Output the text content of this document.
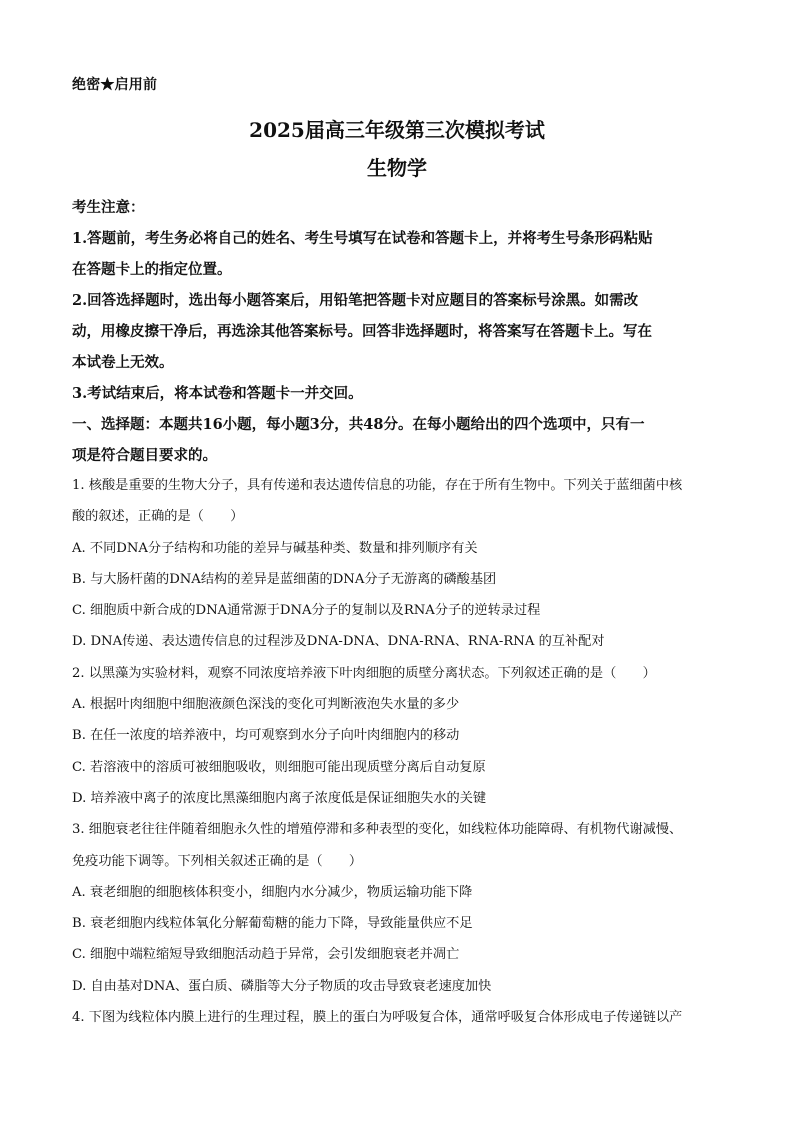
绝密★启用前
2025届高三年级第三次模拟考试
生物学
考生注意：
1.答题前，考生务必将自己的姓名、考生号填写在试卷和答题卡上，并将考生号条形码粘贴
在答题卡上的指定位置。
2.回答选择题时，选出每小题答案后，用铅笔把答题卡对应题目的答案标号涂黑。如需改
动，用橡皮擦干净后，再选涂其他答案标号。回答非选择题时，将答案写在答题卡上。写在
本试卷上无效。
3.考试结束后，将本试卷和答题卡一并交回。
一、选择题：本题共16小题，每小题3分，共48分。在每小题给出的四个选项中，只有一
项是符合题目要求的。
1. 核酸是重要的生物大分子，具有传递和表达遗传信息的功能，存在于所有生物中。下列关于蓝细菌中核
酸的叙述，正确的是（　　）
A. 不同DNA分子结构和功能的差异与碱基种类、数量和排列顺序有关
B. 与大肠杆菌的DNA结构的差异是蓝细菌的DNA分子无游离的磷酸基团
C. 细胞质中新合成的DNA通常源于DNA分子的复制以及RNA分子的逆转录过程
D. DNA传递、表达遗传信息的过程涉及DNA-DNA、DNA-RNA、RNA-RNA 的互补配对
2. 以黑藻为实验材料，观察不同浓度培养液下叶肉细胞的质壁分离状态。下列叙述正确的是（　　）
A. 根据叶肉细胞中细胞液颜色深浅的变化可判断液泡失水量的多少
B. 在任一浓度的培养液中，均可观察到水分子向叶肉细胞内的移动
C. 若溶液中的溶质可被细胞吸收，则细胞可能出现质壁分离后自动复原
D. 培养液中离子的浓度比黑藻细胞内离子浓度低是保证细胞失水的关键
3. 细胞衰老往往伴随着细胞永久性的增殖停滞和多种表型的变化，如线粒体功能障碍、有机物代谢减慢、
免疫功能下调等。下列相关叙述正确的是（　　）
A. 衰老细胞的细胞核体积变小，细胞内水分减少，物质运输功能下降
B. 衰老细胞内线粒体氧化分解葡萄糖的能力下降，导致能量供应不足
C. 细胞中端粒缩短导致细胞活动趋于异常，会引发细胞衰老并凋亡
D. 自由基对DNA、蛋白质、磷脂等大分子物质的攻击导致衰老速度加快
4. 下图为线粒体内膜上进行的生理过程，膜上的蛋白为呼吸复合体，通常呼吸复合体形成电子传递链以产
